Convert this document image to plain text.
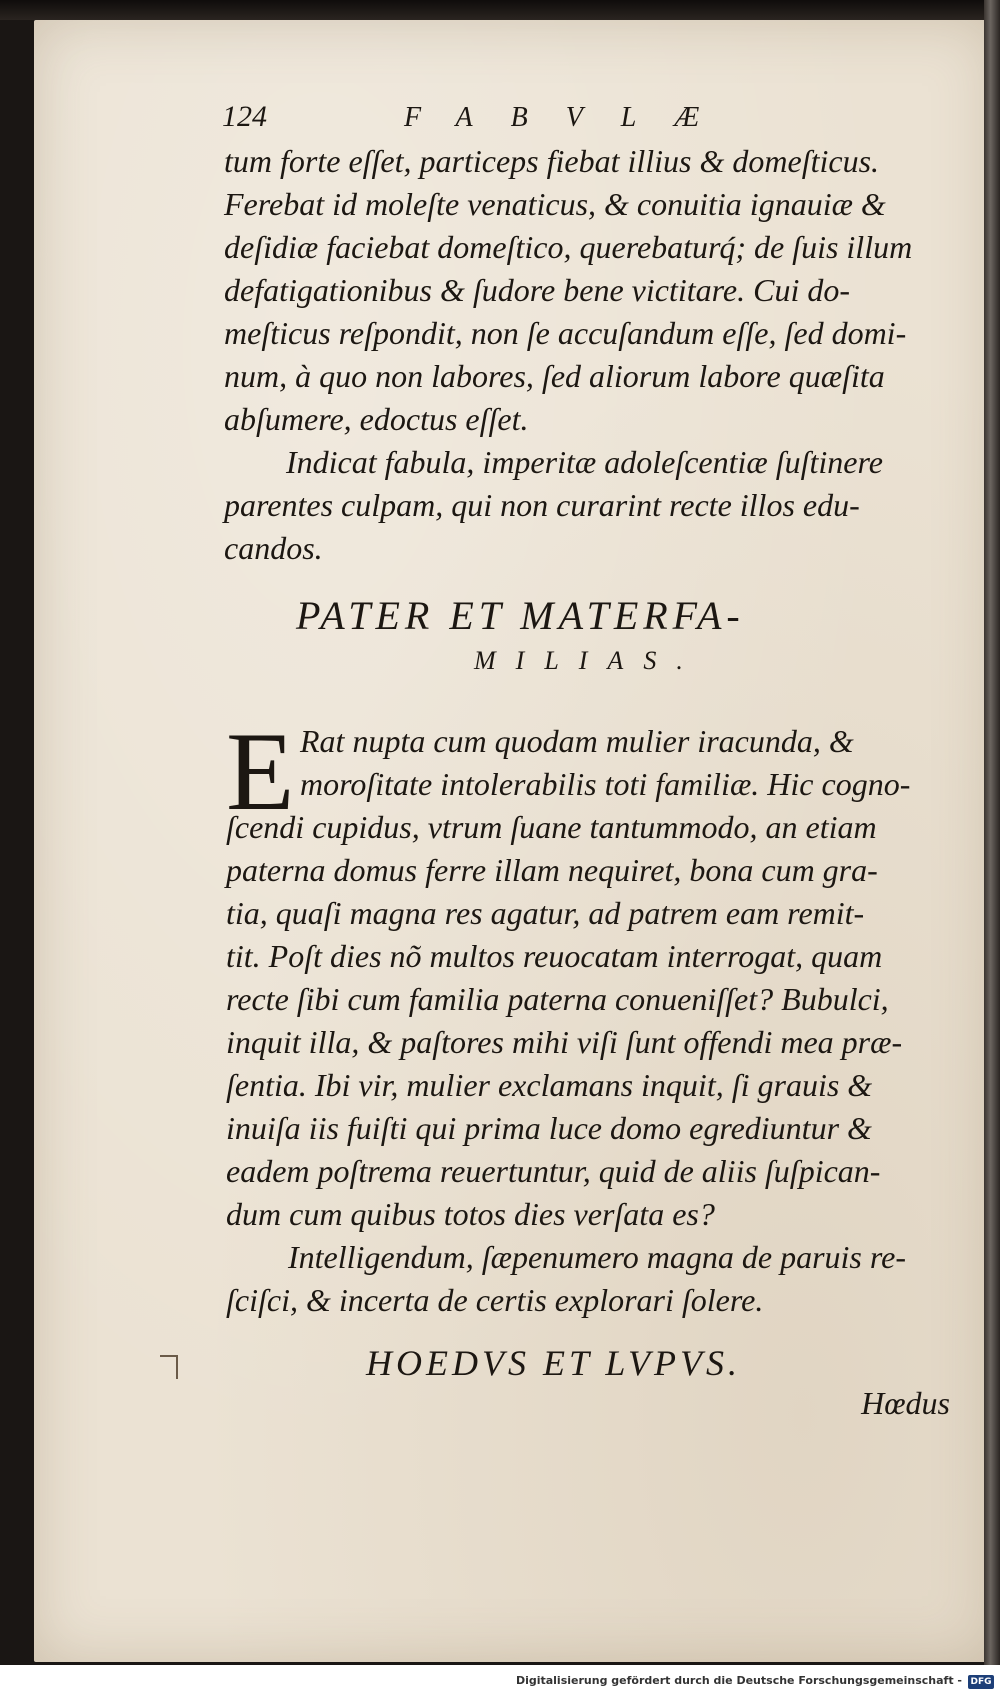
124	FABVLÆ
tum forte eſſet, particeps fiebat illius & domeſticus.
Ferebat id moleſte venaticus, & conuitia ignauiæ &
deſidiæ faciebat domeſtico, querebaturq́; de ſuis illum
defatigationibus & ſudore bene victitare. Cui do-
meſticus reſpondit, non ſe accuſandum eſſe, ſed domi-
num, à quo non labores, ſed aliorum labore quæſita
abſumere, edoctus eſſet.
Indicat fabula, imperitæ adoleſcentiæ ſuſtinere
parentes culpam, qui non curarint recte illos edu-
candos.
PATER ET MATERFA-
MILIAS.
E Rat nupta cum quodam mulier iracunda, &
moroſitate intolerabilis toti familiæ. Hic cogno-
ſcendi cupidus, vtrum ſuane tantummodo, an etiam
paterna domus ferre illam nequiret, bona cum gra-
tia, quaſi magna res agatur, ad patrem eam remit-
tit. Poſt dies nõ multos reuocatam interrogat, quam
recte ſibi cum familia paterna conueniſſet? Bubulci,
inquit illa, & paſtores mihi viſi ſunt offendi mea præ-
ſentia. Ibi vir, mulier exclamans inquit, ſi grauis &
inuiſa iis fuiſti qui prima luce domo egrediuntur &
eadem poſtrema reuertuntur, quid de aliis ſuſpican-
dum cum quibus totos dies verſata es?
Intelligendum, ſæpenumero magna de paruis re-
ſciſci, & incerta de certis explorari ſolere.
HOEDVS ET LVPVS.
Hœdus
Digitalisierung gefördert durch die Deutsche Forschungsgemeinschaft - DFG
